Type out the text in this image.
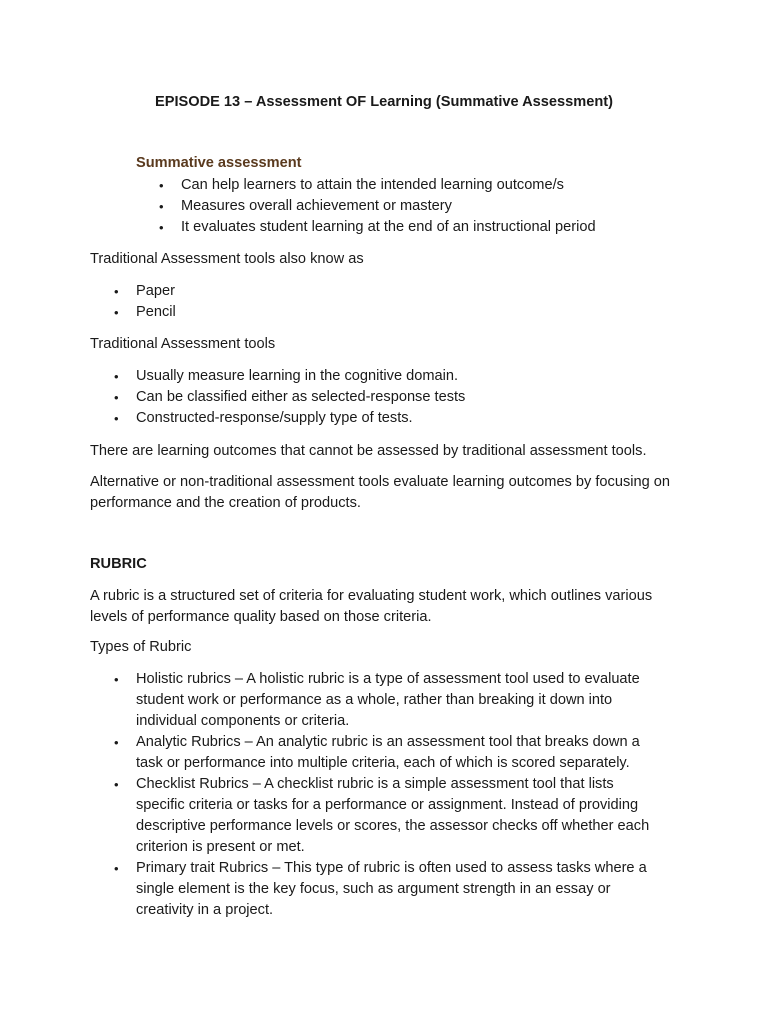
EPISODE 13 – Assessment OF Learning (Summative Assessment)
Summative assessment
• Can help learners to attain the intended learning outcome/s
• Measures overall achievement or mastery
• It evaluates student learning at the end of an instructional period
Traditional Assessment tools also know as
• Paper
• Pencil
Traditional Assessment tools
• Usually measure learning in the cognitive domain.
• Can be classified either as selected-response tests
• Constructed-response/supply type of tests.
There are learning outcomes that cannot be assessed by traditional assessment tools.
Alternative or non-traditional assessment tools evaluate learning outcomes by focusing on performance and the creation of products.
RUBRIC
A rubric is a structured set of criteria for evaluating student work, which outlines various levels of performance quality based on those criteria.
Types of Rubric
• Holistic rubrics – A holistic rubric is a type of assessment tool used to evaluate student work or performance as a whole, rather than breaking it down into individual components or criteria.
• Analytic Rubrics – An analytic rubric is an assessment tool that breaks down a task or performance into multiple criteria, each of which is scored separately.
• Checklist Rubrics – A checklist rubric is a simple assessment tool that lists specific criteria or tasks for a performance or assignment. Instead of providing descriptive performance levels or scores, the assessor checks off whether each criterion is present or met.
• Primary trait Rubrics – This type of rubric is often used to assess tasks where a single element is the key focus, such as argument strength in an essay or creativity in a project.
